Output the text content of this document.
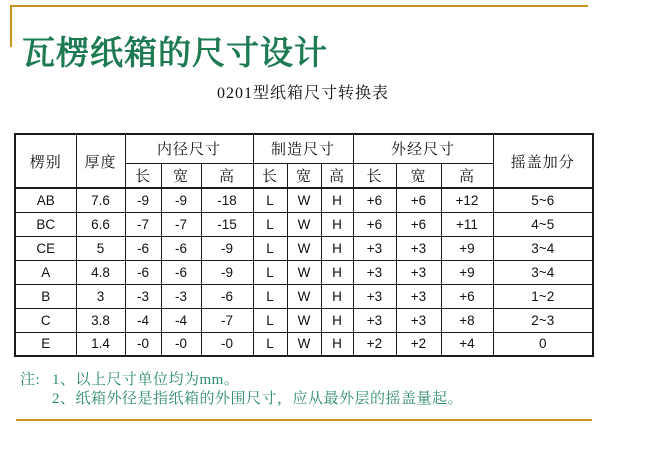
瓦楞纸箱的尺寸设计
0201型纸箱尺寸转换表
楞别	厚度	内径尺寸			制造尺寸			外经尺寸			摇盖加分
		长	宽	高	长	宽	高	长	宽	高	
AB	7.6	-9	-9	-18	L	W	H	+6	+6	+12	5~6
BC	6.6	-7	-7	-15	L	W	H	+6	+6	+11	4~5
CE	5	-6	-6	-9	L	W	H	+3	+3	+9	3~4
A	4.8	-6	-6	-9	L	W	H	+3	+3	+9	3~4
B	3	-3	-3	-6	L	W	H	+3	+3	+6	1~2
C	3.8	-4	-4	-7	L	W	H	+3	+3	+8	2~3
E	1.4	-0	-0	-0	L	W	H	+2	+2	+4	0
注: 1、以上尺寸单位均为mm。
2、纸箱外径是指纸箱的外围尺寸，应从最外层的摇盖量起。
